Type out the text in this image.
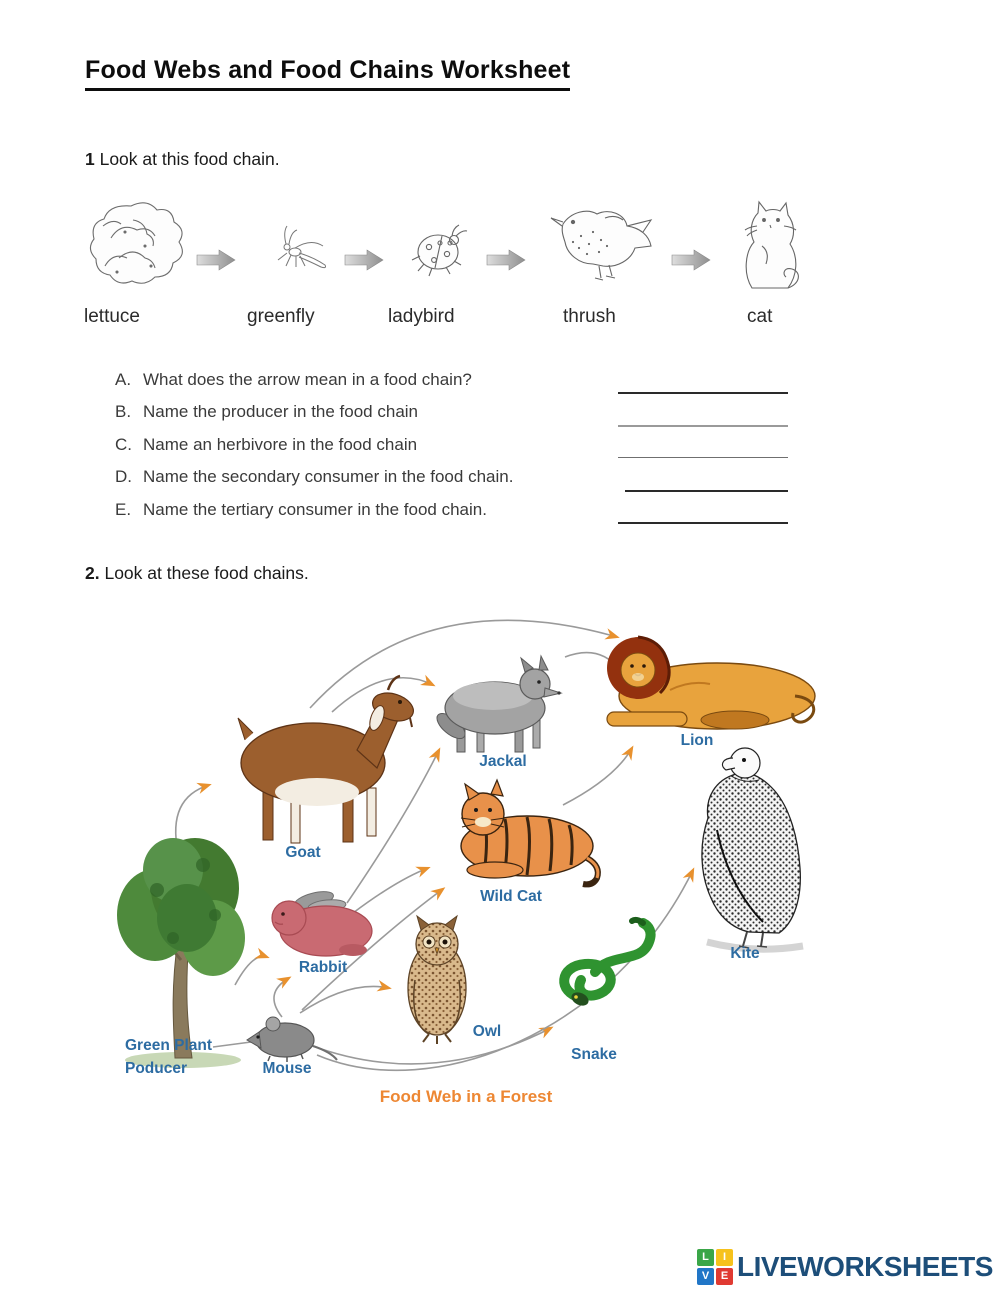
Food Webs and Food Chains Worksheet
1 Look at this food chain.
lettuce	greenfly	ladybird	thrush	cat
A. What does the arrow mean in a food chain?
B. Name the producer in the food chain
C. Name an herbivore in the food chain
D. Name the secondary consumer in the food chain.
E. Name the tertiary consumer in the food chain.
2. Look at these food chains.
Goat
Jackal
Lion
Wild Cat
Kite
Rabbit
Owl
Snake
Mouse
Green Plant
Poducer
Food Web in a Forest
L	I
V	E LIVEWORKSHEETS
